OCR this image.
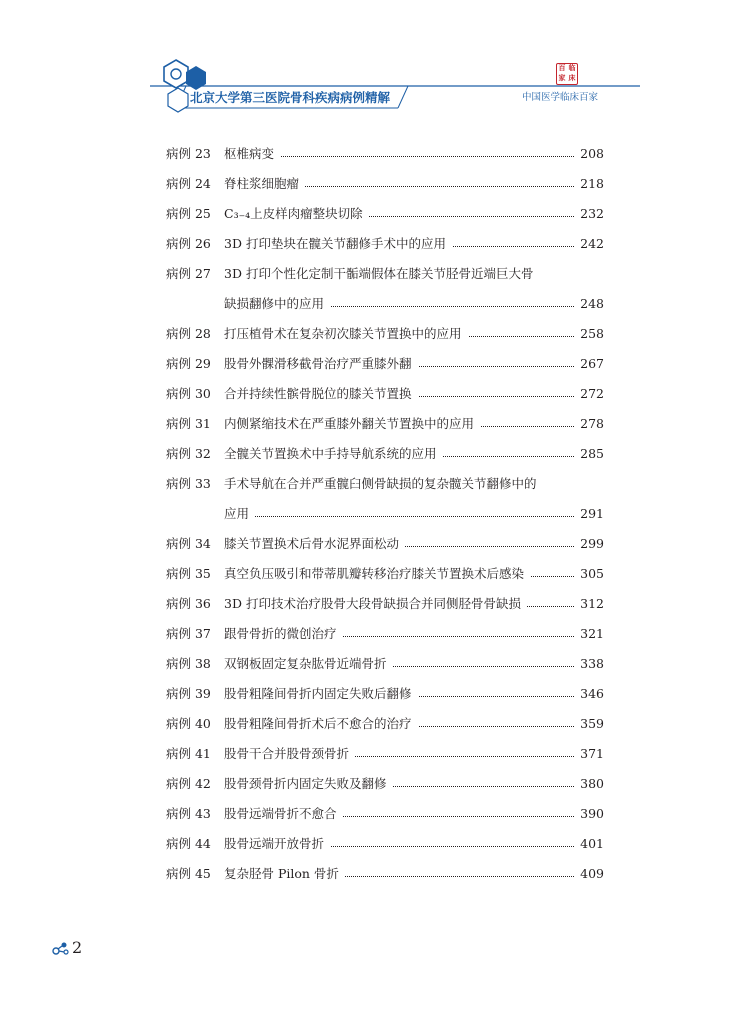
北京大学第三医院骨科疾病病例精解
百 临
家 床
中国医学临床百家
病例 23 枢椎病变	208
病例 24 脊柱浆细胞瘤	218
病例 25 C₃₋₄上皮样肉瘤整块切除	232
病例 26 3D 打印垫块在髋关节翻修手术中的应用	242
病例 27 3D 打印个性化定制干骺端假体在膝关节胫骨近端巨大骨
缺损翻修中的应用	248
病例 28 打压植骨术在复杂初次膝关节置换中的应用	258
病例 29 股骨外髁滑移截骨治疗严重膝外翻	267
病例 30 合并持续性髌骨脱位的膝关节置换	272
病例 31 内侧紧缩技术在严重膝外翻关节置换中的应用	278
病例 32 全髋关节置换术中手持导航系统的应用	285
病例 33 手术导航在合并严重髋臼侧骨缺损的复杂髋关节翻修中的
应用	291
病例 34 膝关节置换术后骨水泥界面松动	299
病例 35 真空负压吸引和带蒂肌瓣转移治疗膝关节置换术后感染	305
病例 36 3D 打印技术治疗股骨大段骨缺损合并同侧胫骨骨缺损	312
病例 37 跟骨骨折的微创治疗	321
病例 38 双钢板固定复杂肱骨近端骨折	338
病例 39 股骨粗隆间骨折内固定失败后翻修	346
病例 40 股骨粗隆间骨折术后不愈合的治疗	359
病例 41 股骨干合并股骨颈骨折	371
病例 42 股骨颈骨折内固定失败及翻修	380
病例 43 股骨远端骨折不愈合	390
病例 44 股骨远端开放骨折	401
病例 45 复杂胫骨 Pilon 骨折	409
2
